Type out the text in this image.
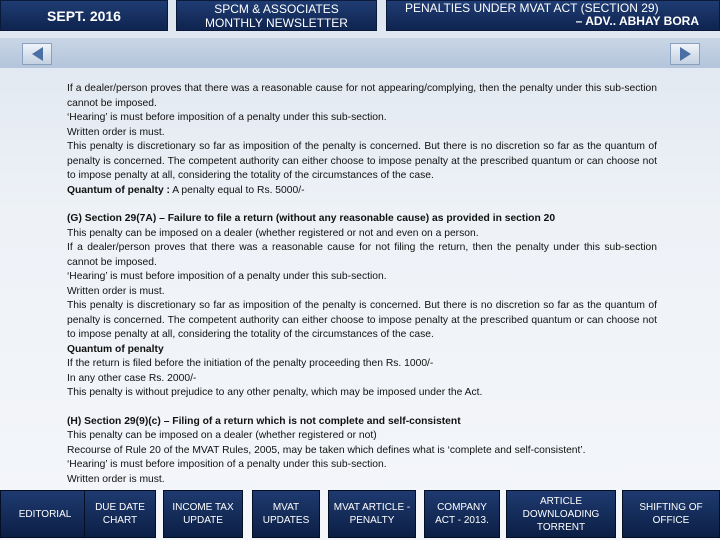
SEPT. 2016	SPCM & ASSOCIATES
MONTHLY NEWSLETTER
PENALTIES UNDER MVAT ACT (SECTION 29)
– ADV.. ABHAY BORA

If a dealer/person proves that there was a reasonable cause for not appearing/complying, then the penalty under this sub-section cannot be imposed.

‘Hearing’ is must before imposition of a penalty under this sub-section.

Written order is must.

This penalty is discretionary so far as imposition of the penalty is concerned. But there is no discretion so far as the quantum of penalty is concerned. The competent authority can either choose to impose penalty at the prescribed quantum or can choose not to impose penalty at all, considering the totality of the circumstances of the case.

Quantum of penalty : A penalty equal to Rs. 5000/-

(G) Section 29(7A) – Failure to file a return (without any reasonable cause) as provided in section 20

This penalty can be imposed on a dealer (whether registered or not and even on a person.

If a dealer/person proves that there was a reasonable cause for not filing the return, then the penalty under this sub-section cannot be imposed.

‘Hearing’ is must before imposition of a penalty under this sub-section.

Written order is must.

This penalty is discretionary so far as imposition of the penalty is concerned. But there is no discretion so far as the quantum of penalty is concerned. The competent authority can either choose to impose penalty at the prescribed quantum or can choose not to impose penalty at all, considering the totality of the circumstances of the case.

Quantum of penalty

If the return is filed before the initiation of the penalty proceeding then Rs. 1000/-

In any other case Rs. 2000/-

This penalty is without prejudice to any other penalty, which may be imposed under the Act.

(H) Section 29(9)(c) – Filing of a return which is not complete and self-consistent

This penalty can be imposed on a dealer (whether registered or not)

Recourse of Rule 20 of the MVAT Rules, 2005, may be taken which defines what is ‘complete and self-consistent’.

‘Hearing’ is must before imposition of a penalty under this sub-section.

Written order is must.

EDITORIAL
DUE DATE CHART
INCOME TAX UPDATE
MVAT UPDATES
MVAT ARTICLE - PENALTY
COMPANY ACT - 2013.
ARTICLE DOWNLOADING TORRENT
SHIFTING OF OFFICE
